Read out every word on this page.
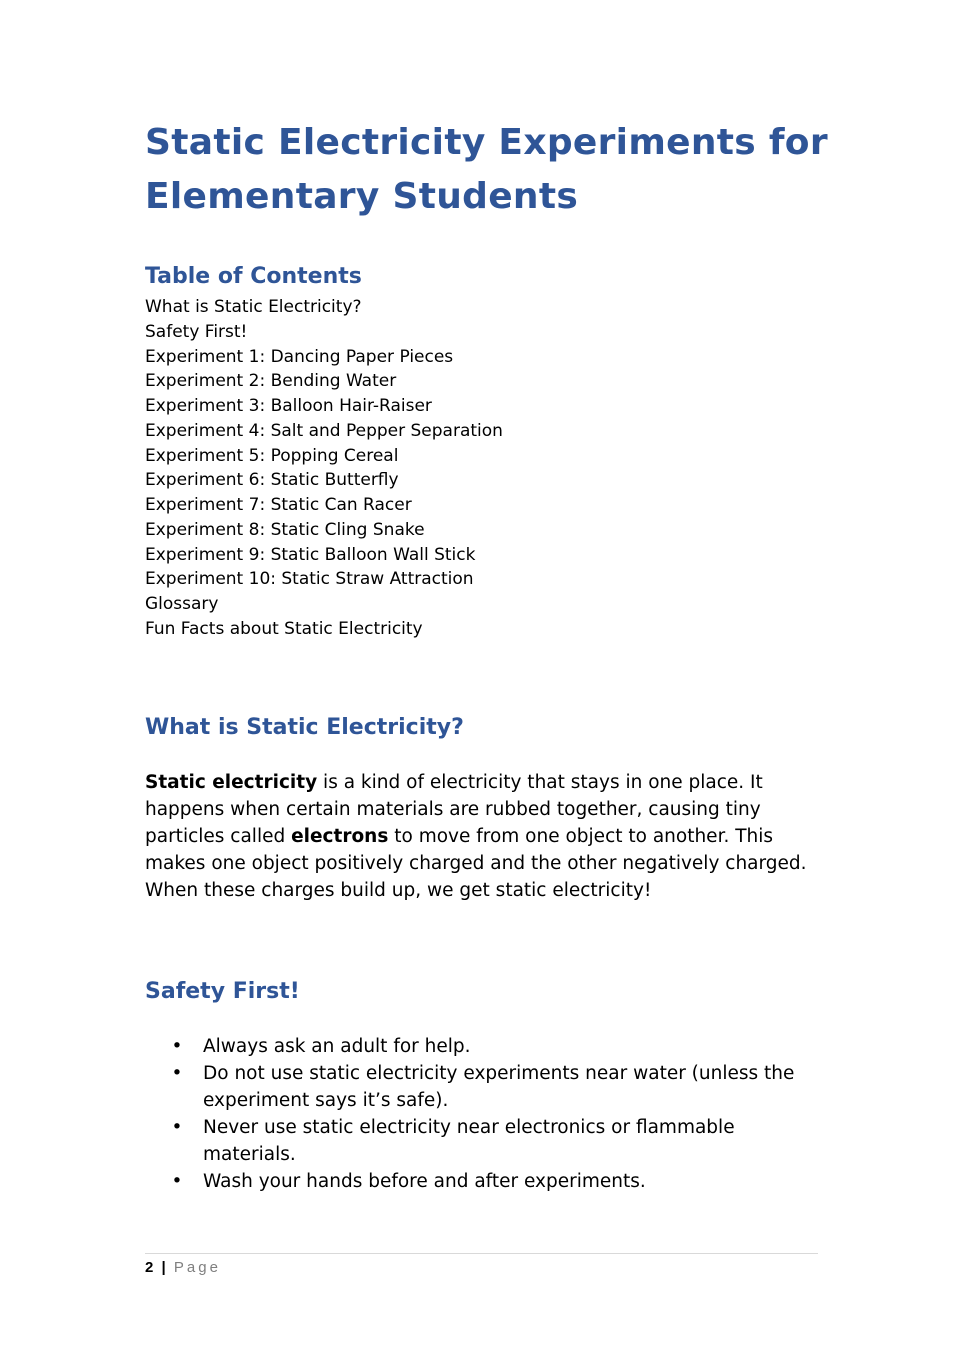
Static Electricity Experiments for Elementary Students
Table of Contents
What is Static Electricity?
Safety First!
Experiment 1: Dancing Paper Pieces
Experiment 2: Bending Water
Experiment 3: Balloon Hair-Raiser
Experiment 4: Salt and Pepper Separation
Experiment 5: Popping Cereal
Experiment 6: Static Butterfly
Experiment 7: Static Can Racer
Experiment 8: Static Cling Snake
Experiment 9: Static Balloon Wall Stick
Experiment 10: Static Straw Attraction
Glossary
Fun Facts about Static Electricity
What is Static Electricity?

Static electricity is a kind of electricity that stays in one place. It happens when certain materials are rubbed together, causing tiny particles called electrons to move from one object to another. This makes one object positively charged and the other negatively charged. When these charges build up, we get static electricity!

Safety First!
• Always ask an adult for help.
• Do not use static electricity experiments near water (unless the experiment says it’s safe).
• Never use static electricity near electronics or flammable materials.
• Wash your hands before and after experiments.
2 | Page
